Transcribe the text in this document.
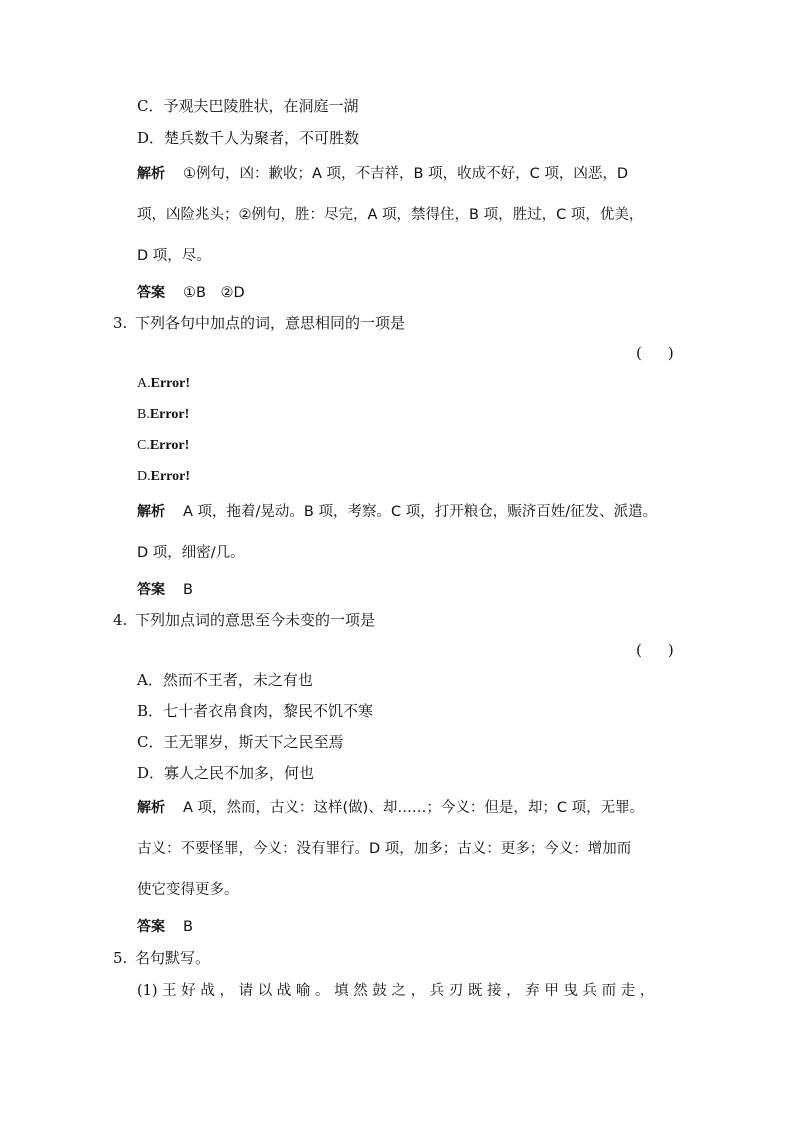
C．予观夫巴陵胜状，在洞庭一湖
D．楚兵数千人为聚者，不可胜数
解析 ①例句，凶：歉收；A 项，不吉祥，B 项，收成不好，C 项，凶恶，D
项，凶险兆头；②例句，胜：尽完，A 项，禁得住，B 项，胜过，C 项，优美，
D 项，尽。
答案 ①B　②D
3. 下列各句中加点的词，意思相同的一项是
( )
A.Error!
B.Error!
C.Error!
D.Error!
解析 A 项，拖着/晃动。B 项，考察。C 项，打开粮仓，赈济百姓/征发、派遣。
D 项，细密/几。
答案 B
4. 下列加点词的意思至今未变的一项是
( )
A．然而不王者，未之有也
B．七十者衣帛食肉，黎民不饥不寒
C．王无罪岁，斯天下之民至焉
D．寡人之民不加多，何也
解析 A 项，然而，古义：这样(做)、却……；今义：但是，却；C 项，无罪。
古义：不要怪罪，今义：没有罪行。D 项，加多；古义：更多；今义：增加而
使它变得更多。
答案 B
5. 名句默写。
(1) 王 好 战 ， 请 以 战 喻 。 填 然 鼓 之 ， 兵 刃 既 接 ， 弃 甲 曳 兵 而 走 ，
